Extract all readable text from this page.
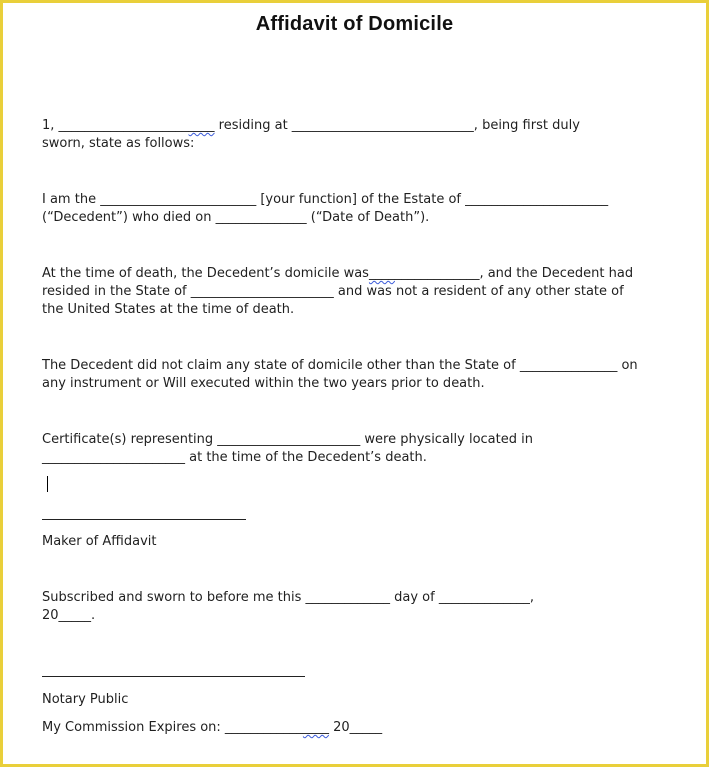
Affidavit of Domicile
1, ________________________ residing at ____________________________, being first duly
sworn, state as follows:
I am the ________________________ [your function] of the Estate of ______________________
(“Decedent”) who died on ______________ (“Date of Death”).
At the time of death, the Decedent’s domicile was_________________, and the Decedent had
resided in the State of ______________________ and was not a resident of any other state of
the United States at the time of death.
The Decedent did not claim any state of domicile other than the State of _______________ on
any instrument or Will executed within the two years prior to death.
Certificate(s) representing ______________________ were physically located in
______________________ at the time of the Decedent’s death.
Maker of Affidavit
Subscribed and sworn to before me this _____________ day of ______________,
20_____.
Notary Public
My Commission Expires on: ________________ 20_____
